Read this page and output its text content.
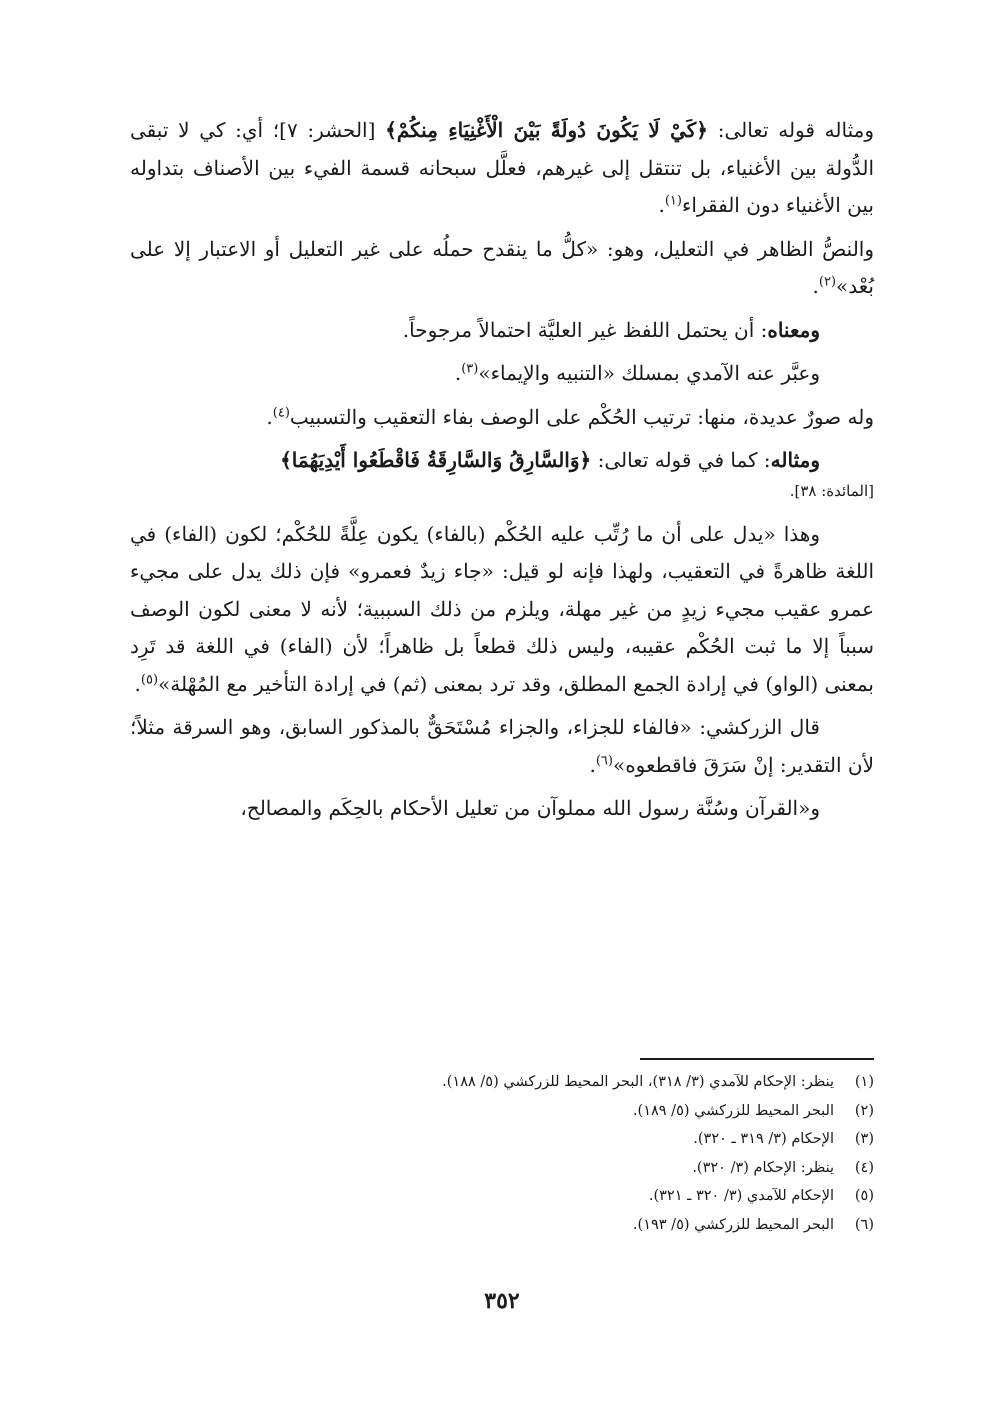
ومثاله قوله تعالى: ﴿كَيْ لَا يَكُونَ دُولَةً بَيْنَ الْأَغْنِيَاءِ مِنكُمْ﴾ [الحشر: ٧]؛ أي: كي لا تبقى الدُّولة بين الأغنياء، بل تنتقل إلى غيرهم، فعلَّل سبحانه قسمة الفيء بين الأصناف بتداوله بين الأغنياء دون الفقراء$^{(١)}$.

والنصُّ الظاهر في التعليل، وهو: «كلُّ ما ينقدح حملُه على غير التعليل أو الاعتبار إلا على بُعْد»$^{(٢)}$.

ومعناه: أن يحتمل اللفظ غير العليَّة احتمالاً مرجوحاً.

وعبَّر عنه الآمدي بمسلك «التنبيه والإيماء»$^{(٣)}$.

وله صورٌ عديدة، منها: ترتيب الحُكْم على الوصف بفاء التعقيب والتسبيب$^{(٤)}$.

ومثاله: كما في قوله تعالى: ﴿وَالسَّارِقُ وَالسَّارِقَةُ فَاقْطَعُوا أَيْدِيَهُمَا﴾

[المائدة: ٣٨].

وهذا «يدل على أن ما رُتِّب عليه الحُكْم (بالفاء) يكون عِلَّةً للحُكْم؛ لكون (الفاء) في اللغة ظاهرةً في التعقيب، ولهذا فإنه لو قيل: «جاء زيدٌ فعمرو» فإن ذلك يدل على مجيء عمرو عقيب مجيء زيدٍ من غير مهلة، ويلزم من ذلك السببية؛ لأنه لا معنى لكون الوصف سبباً إلا ما ثبت الحُكْم عقيبه، وليس ذلك قطعاً بل ظاهراً؛ لأن (الفاء) في اللغة قد تَرِد بمعنى (الواو) في إرادة الجمع المطلق، وقد ترد بمعنى (ثم) في إرادة التأخير مع المُهْلة»$^{(٥)}$.

قال الزركشي: «فالفاء للجزاء، والجزاء مُسْتَحَقٌّ بالمذكور السابق، وهو السرقة مثلاً؛ لأن التقدير: إنْ سَرَقَ فاقطعوه»$^{(٦)}$.

و«القرآن وسُنَّة رسول الله مملوآن من تعليل الأحكام بالحِكَم والمصالح،

(١)
ينظر: الإحكام للآمدي (٣/ ٣١٨)، البحر المحيط للزركشي (٥/ ١٨٨).
(٢)
البحر المحيط للزركشي (٥/ ١٨٩).
(٣)
الإحكام (٣/ ٣١٩ ـ ٣٢٠).
(٤)
ينظر: الإحكام (٣/ ٣٢٠).
(٥)
الإحكام للآمدي (٣/ ٣٢٠ ـ ٣٢١).
(٦)
البحر المحيط للزركشي (٥/ ١٩٣).
٣٥٢
